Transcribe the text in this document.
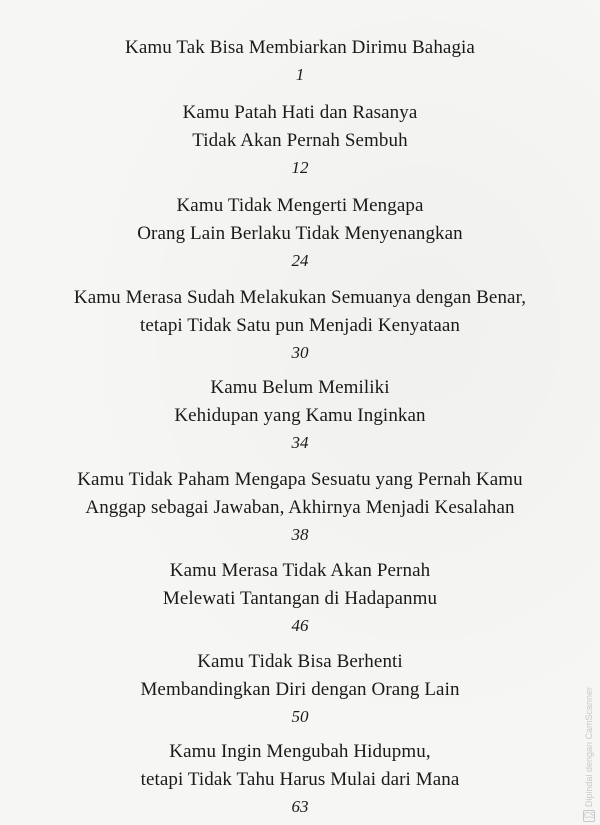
Kamu Tak Bisa Membiarkan Dirimu Bahagia
1
Kamu Patah Hati dan Rasanya
Tidak Akan Pernah Sembuh
12
Kamu Tidak Mengerti Mengapa
Orang Lain Berlaku Tidak Menyenangkan
24
Kamu Merasa Sudah Melakukan Semuanya dengan Benar,
tetapi Tidak Satu pun Menjadi Kenyataan
30
Kamu Belum Memiliki
Kehidupan yang Kamu Inginkan
34
Kamu Tidak Paham Mengapa Sesuatu yang Pernah Kamu
Anggap sebagai Jawaban, Akhirnya Menjadi Kesalahan
38
Kamu Merasa Tidak Akan Pernah
Melewati Tantangan di Hadapanmu
46
Kamu Tidak Bisa Berhenti
Membandingkan Diri dengan Orang Lain
50
Kamu Ingin Mengubah Hidupmu,
tetapi Tidak Tahu Harus Mulai dari Mana
63	Dipindai dengan CamScanner
CS
